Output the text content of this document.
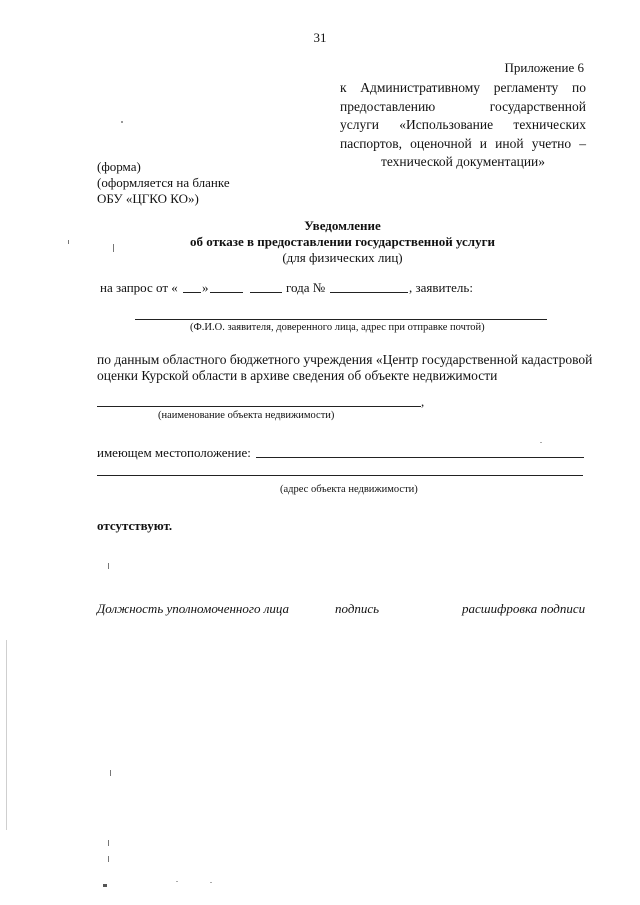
31
Приложение 6
к Административному регламенту по
предоставлению государственной
услуги «Использование технических
паспортов, оценочной и иной учетно –
технической документации»
(форма)
(оформляется на бланке
ОБУ «ЦГКО КО»)
Уведомление
об отказе в предоставлении государственной услуги
(для физических лиц)
на запрос от « »	года №	, заявитель:
(Ф.И.О. заявителя, доверенного лица, адрес при отправке почтой)
по данным областного бюджетного учреждения «Центр государственной кадастровой
оценки Курской области в архиве сведения об объекте недвижимости
,
(наименование объекта недвижимости)
имеющем местоположение:
(адрес объекта недвижимости)
отсутствуют.
Должность уполномоченного лица	подпись	расшифровка подписи
